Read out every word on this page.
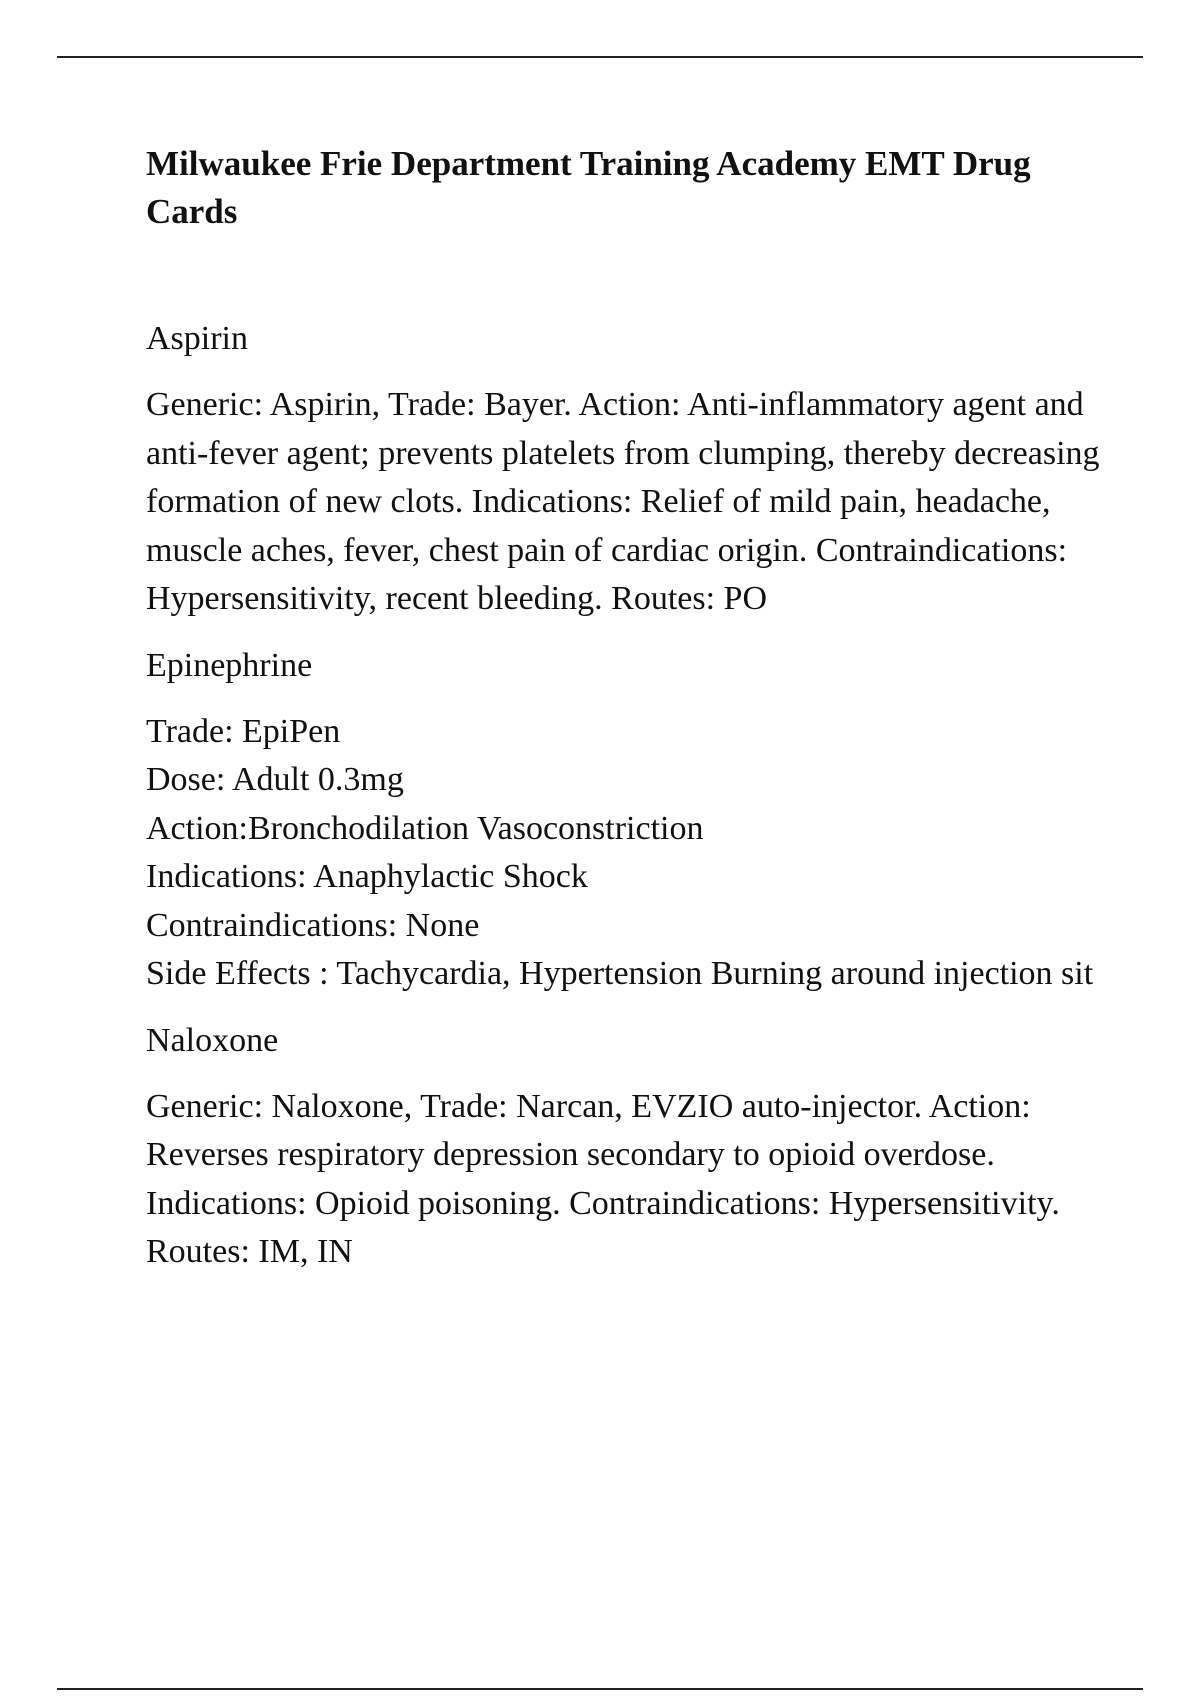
Milwaukee Frie Department Training Academy EMT Drug Cards

Aspirin

Generic: Aspirin, Trade: Bayer. Action: Anti-inflammatory agent and anti-fever agent; prevents platelets from clumping, thereby decreasing formation of new clots. Indications: Relief of mild pain, headache, muscle aches, fever, chest pain of cardiac origin. Contraindications: Hypersensitivity, recent bleeding. Routes: PO

Epinephrine

Trade: EpiPen
Dose: Adult 0.3mg
Action:Bronchodilation Vasoconstriction
Indications: Anaphylactic Shock
Contraindications: None
Side Effects : Tachycardia, Hypertension Burning around injection sit

Naloxone

Generic: Naloxone, Trade: Narcan, EVZIO auto-injector. Action: Reverses respiratory depression secondary to opioid overdose. Indications: Opioid poisoning. Contraindications: Hypersensitivity. Routes: IM, IN
